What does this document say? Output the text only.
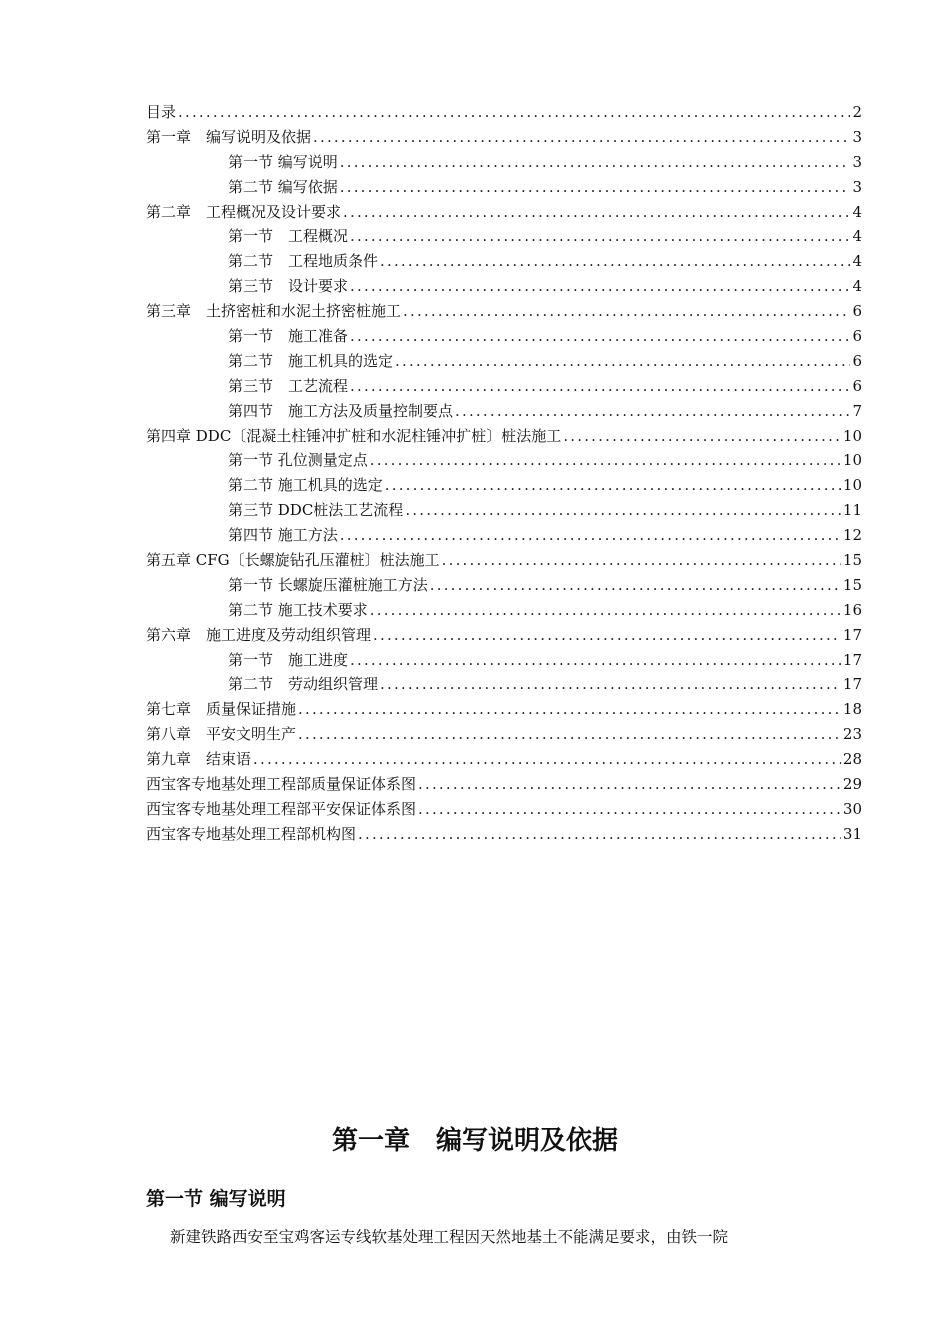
目录 .....	2
第一章　编写说明及依据 .....	3
第一节 编写说明 .....	3
第二节 编写依据 .....	3
第二章　工程概况及设计要求 .....	4
第一节　工程概况 .....	4
第二节　工程地质条件 .....	4
第三节　设计要求 .....	4
第三章　土挤密桩和水泥土挤密桩施工 .....	6
第一节　施工准备 .....	6
第二节　施工机具的选定 .....	6
第三节　工艺流程 .....	6
第四节　施工方法及质量控制要点 .....	7
第四章 DDC〔混凝土柱锤冲扩桩和水泥柱锤冲扩桩〕桩法施工 .....	10
第一节 孔位测量定点 .....	10
第二节 施工机具的选定 .....	10
第三节 DDC桩法工艺流程 .....	11
第四节 施工方法 .....	12
第五章 CFG〔长螺旋钻孔压灌桩〕桩法施工 .....	15
第一节 长螺旋压灌桩施工方法 .....	15
第二节 施工技术要求 .....	16
第六章　施工进度及劳动组织管理 .....	17
第一节　施工进度 .....	17
第二节　劳动组织管理 .....	17
第七章　质量保证措施 .....	18
第八章　平安文明生产 .....	23
第九章　结束语 .....	28
西宝客专地基处理工程部质量保证体系图 .....	29
西宝客专地基处理工程部平安保证体系图 .....	30
西宝客专地基处理工程部机构图 .....	31
第一章　编写说明及依据
第一节 编写说明
新建铁路西安至宝鸡客运专线软基处理工程因天然地基土不能满足要求，由铁一院
